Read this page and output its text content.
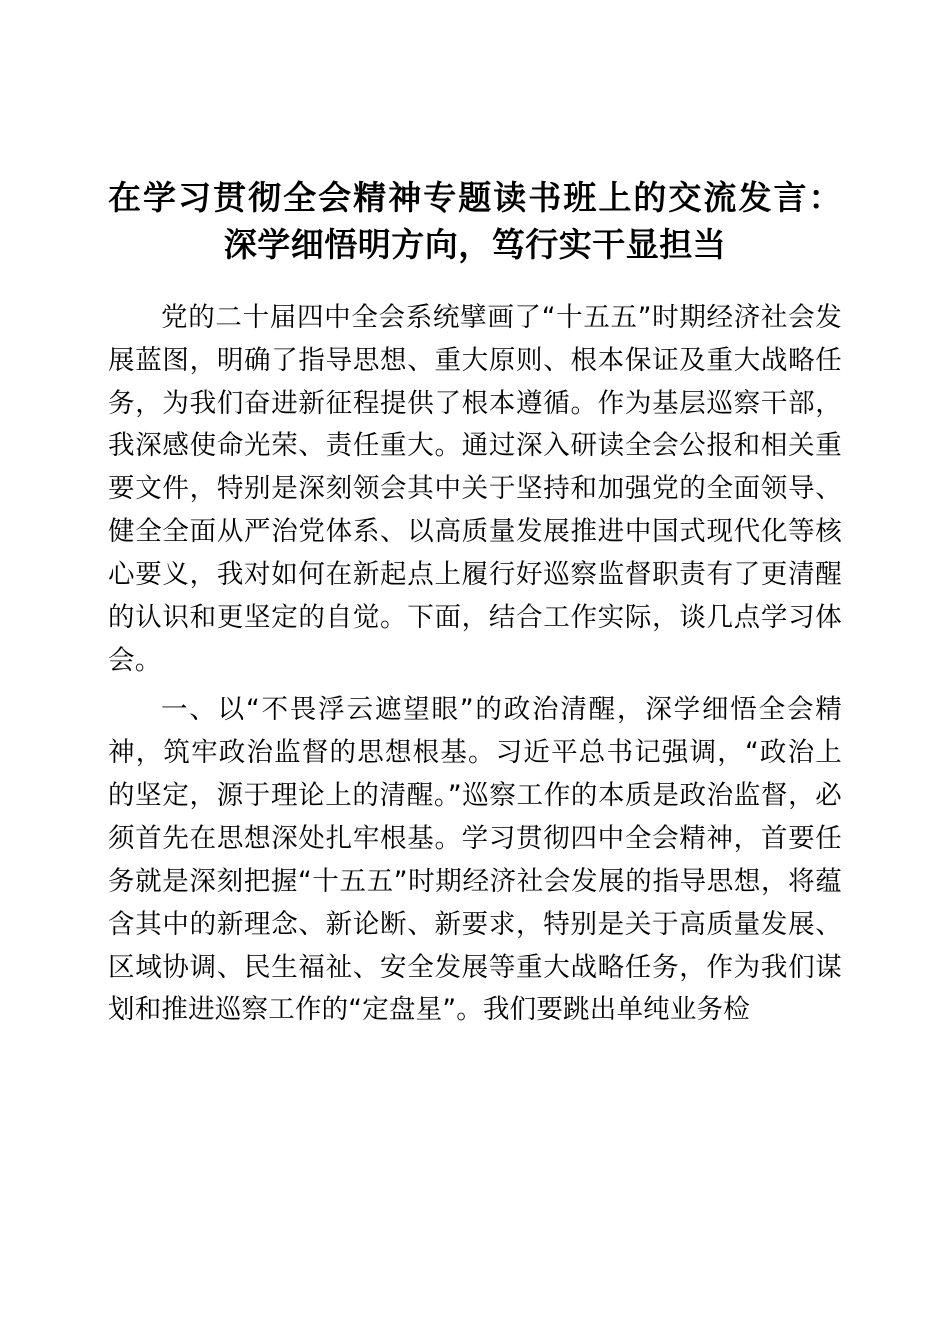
在学习贯彻全会精神专题读书班上的交流发言：深学细悟明方向，笃行实干显担当

党的二十届四中全会系统擘画了“十五五”时期经济社会发展蓝图，明确了指导思想、重大原则、根本保证及重大战略任务，为我们奋进新征程提供了根本遵循。作为基层巡察干部，我深感使命光荣、责任重大。通过深入研读全会公报和相关重要文件，特别是深刻领会其中关于坚持和加强党的全面领导、健全全面从严治党体系、以高质量发展推进中国式现代化等核心要义，我对如何在新起点上履行好巡察监督职责有了更清醒的认识和更坚定的自觉。下面，结合工作实际，谈几点学习体会。

一、以“不畏浮云遮望眼”的政治清醒，深学细悟全会精神，筑牢政治监督的思想根基。习近平总书记强调，“政治上的坚定，源于理论上的清醒。”巡察工作的本质是政治监督，必须首先在思想深处扎牢根基。学习贯彻四中全会精神，首要任务就是深刻把握“十五五”时期经济社会发展的指导思想，将蕴含其中的新理念、新论断、新要求，特别是关于高质量发展、区域协调、民生福祉、安全发展等重大战略任务，作为我们谋划和推进巡察工作的“定盘星”。我们要跳出单纯业务检
